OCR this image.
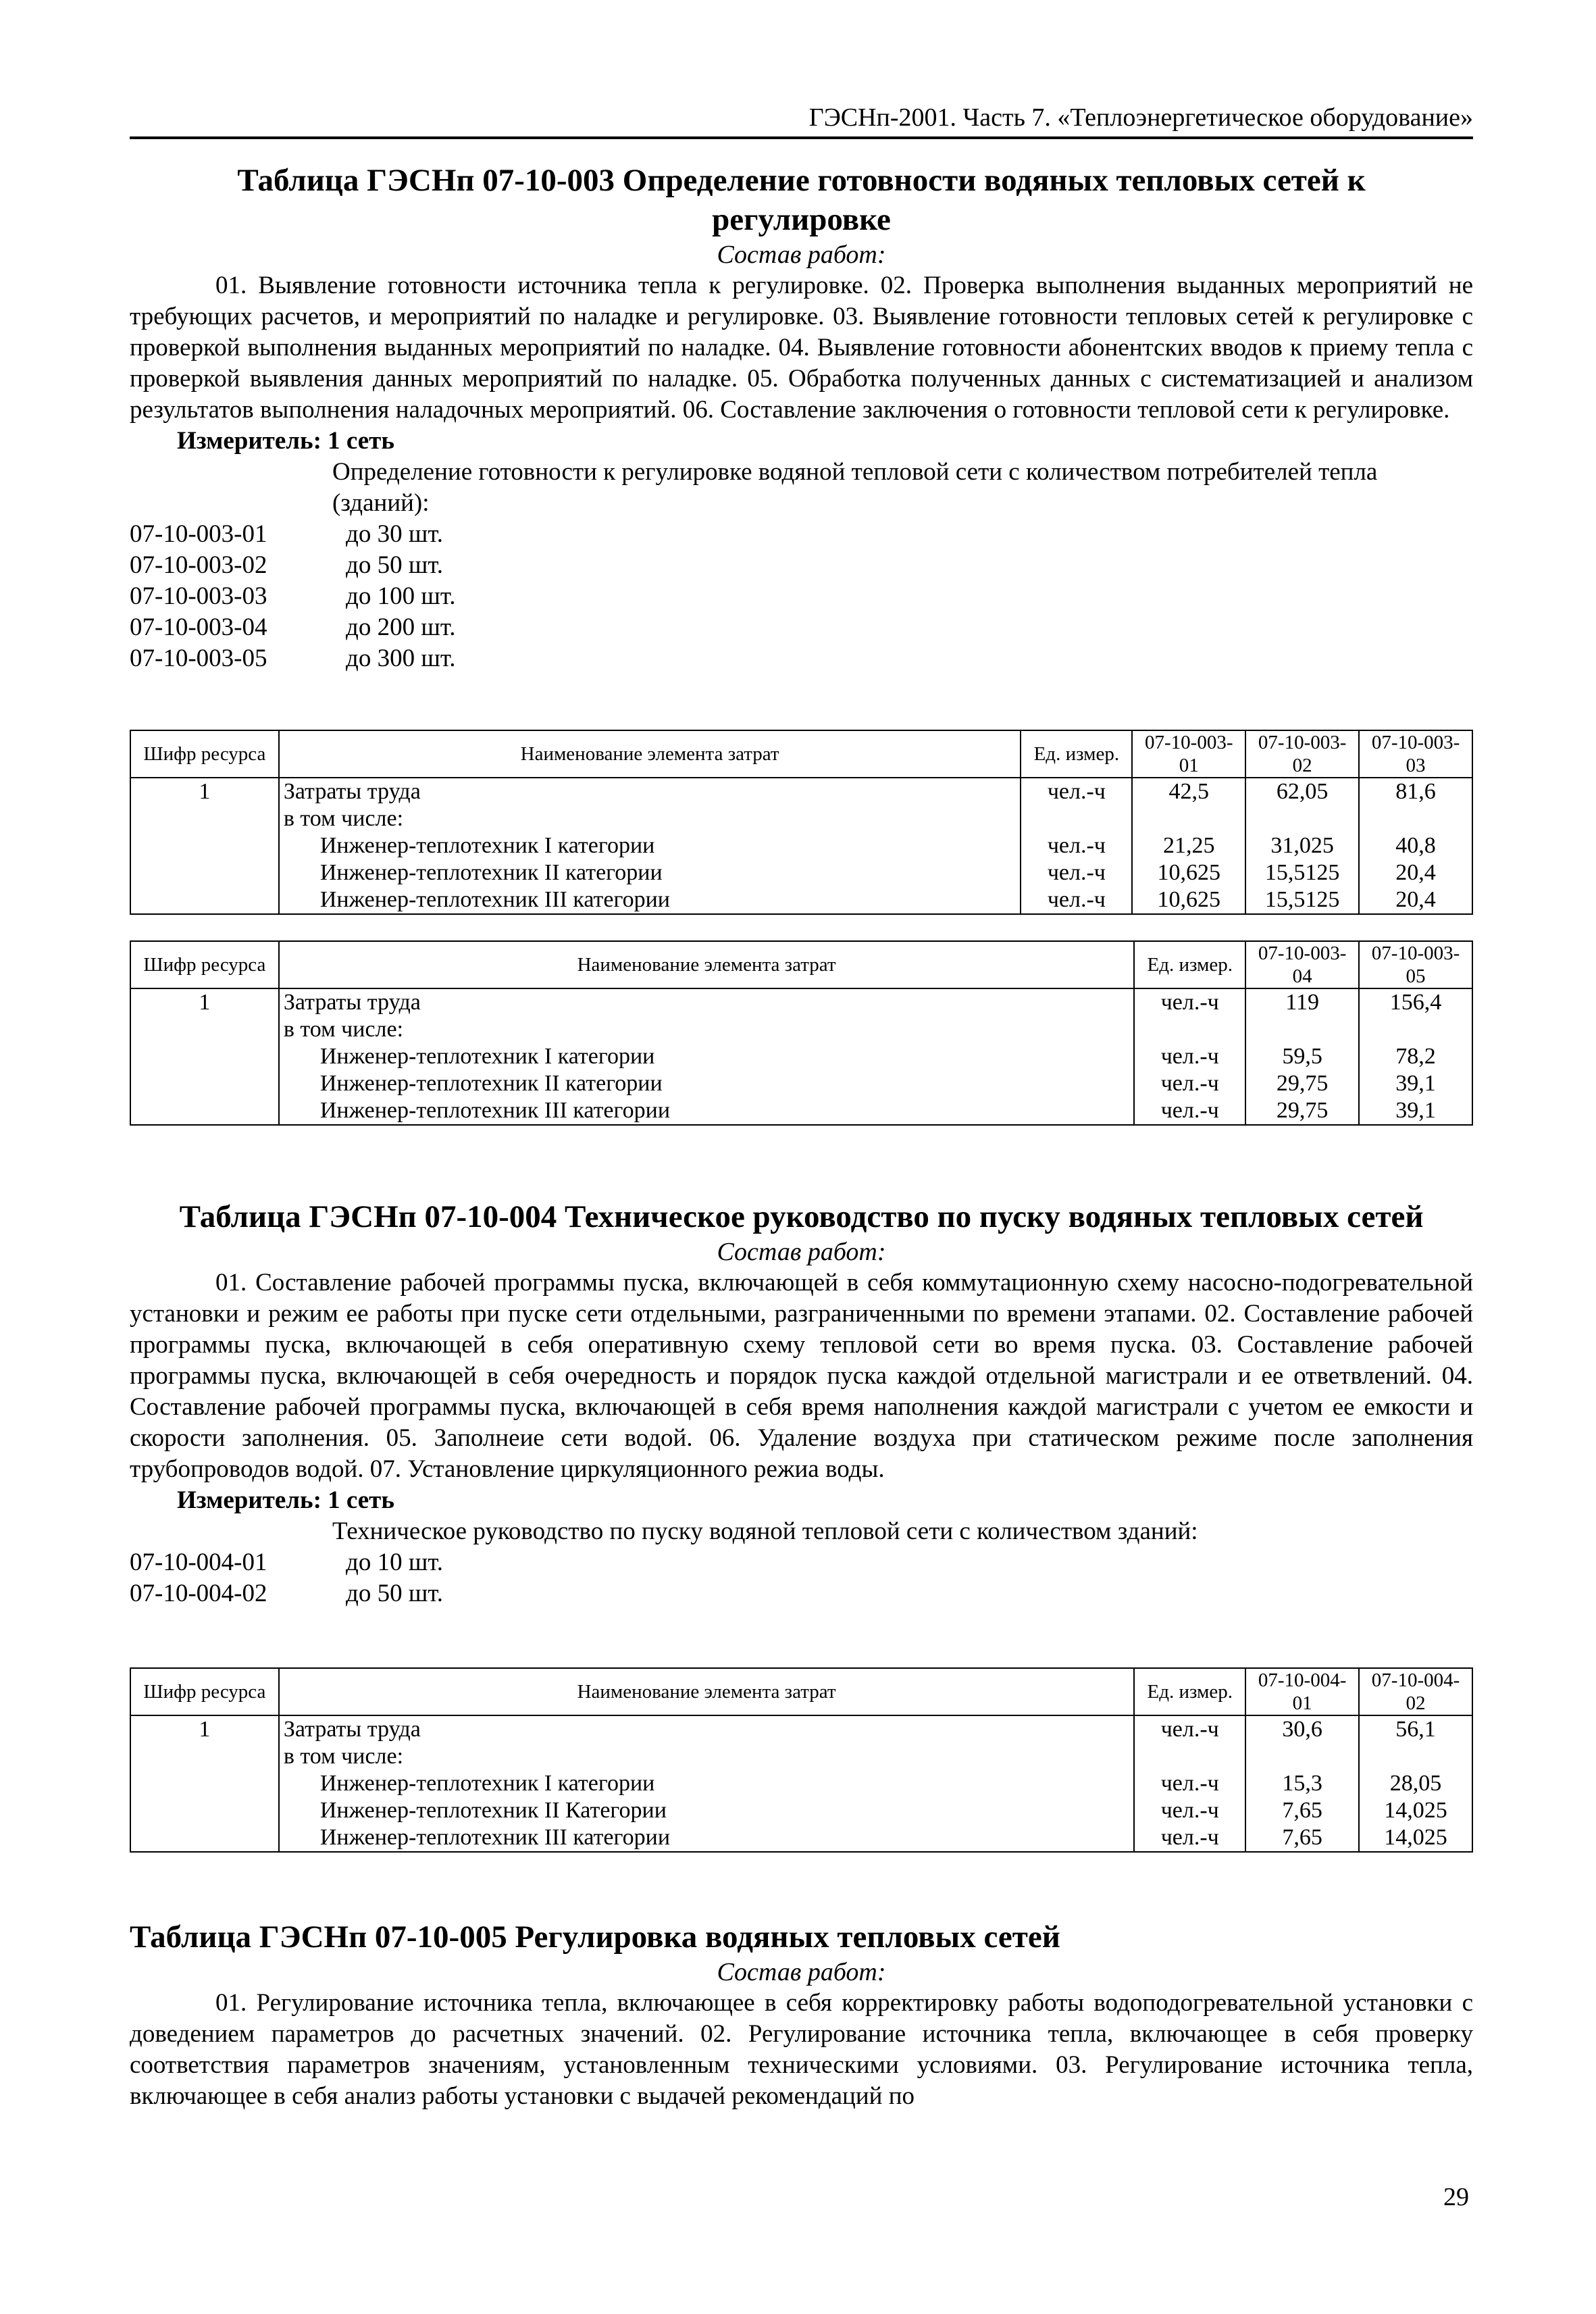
ГЭСНп-2001. Часть 7. «Теплоэнергетическое оборудование»

Таблица ГЭСНп 07-10-003 Определение готовности водяных тепловых сетей к
регулировке

Состав работ:

01. Выявление готовности источника тепла к регулировке. 02. Проверка выполнения выданных мероприятий не требующих расчетов, и мероприятий по наладке и регулировке. 03. Выявление готовности тепловых сетей к регулировке с проверкой выполнения выданных мероприятий по наладке. 04. Выявление готовности абонентских вводов к приему тепла с проверкой выявления данных мероприятий по наладке. 05. Обработка полученных данных с систематизацией и анализом результатов выполнения наладочных мероприятий. 06. Составление заключения о готовности тепловой сети к регулировке.

Измеритель: 1 сеть

Определение готовности к регулировке водяной тепловой сети с количеством потребителей тепла (зданий):

07-10-003-01	до 30 шт.
07-10-003-02	до 50 шт.
07-10-003-03	до 100 шт.
07-10-003-04	до 200 шт.
07-10-003-05	до 300 шт.
Шифр ресурса	Наименование элемента затрат	Ед. измер.	07-10-003-01	07-10-003-02	07-10-003-03
1	Затраты труда	чел.-ч	42,5	62,05	81,6
	в том числе:				
	Инженер-теплотехник I категории	чел.-ч	21,25	31,025	40,8
	Инженер-теплотехник II категории	чел.-ч	10,625	15,5125	20,4
	Инженер-теплотехник III категории	чел.-ч	10,625	15,5125	20,4
Шифр ресурса	Наименование элемента затрат	Ед. измер.	07-10-003-04	07-10-003-05
1	Затраты труда	чел.-ч	119	156,4
	в том числе:			
	Инженер-теплотехник I категории	чел.-ч	59,5	78,2
	Инженер-теплотехник II категории	чел.-ч	29,75	39,1
	Инженер-теплотехник III категории	чел.-ч	29,75	39,1

Таблица ГЭСНп 07-10-004 Техническое руководство по пуску водяных тепловых сетей

Состав работ:

01. Составление рабочей программы пуска, включающей в себя коммутационную схему насосно-подогревательной установки и режим ее работы при пуске сети отдельными, разграниченными по времени этапами. 02. Составление рабочей программы пуска, включающей в себя оперативную схему тепловой сети во время пуска. 03. Составление рабочей программы пуска, включающей в себя очередность и порядок пуска каждой отдельной магистрали и ее ответвлений. 04. Составление рабочей программы пуска, включающей в себя время наполнения каждой магистрали с учетом ее емкости и скорости заполнения. 05. Заполнеие сети водой. 06. Удаление воздуха при статическом режиме после заполнения трубопроводов водой. 07. Установление циркуляционного режиа воды.

Измеритель: 1 сеть

Техническое руководство по пуску водяной тепловой сети с количеством зданий:

07-10-004-01	до 10 шт.
07-10-004-02	до 50 шт.
Шифр ресурса	Наименование элемента затрат	Ед. измер.	07-10-004-01	07-10-004-02
1	Затраты труда	чел.-ч	30,6	56,1
	в том числе:			
	Инженер-теплотехник I категории	чел.-ч	15,3	28,05
	Инженер-теплотехник II Категории	чел.-ч	7,65	14,025
	Инженер-теплотехник III категории	чел.-ч	7,65	14,025

Таблица ГЭСНп 07-10-005 Регулировка водяных тепловых сетей

Состав работ:

01. Регулирование источника тепла, включающее в себя корректировку работы водоподогревательной установки с доведением параметров до расчетных значений. 02. Регулирование источника тепла, включающее в себя проверку соответствия параметров значениям, установленным техническими условиями. 03. Регулирование источника тепла, включающее в себя анализ работы установки с выдачей рекомендаций по

29
